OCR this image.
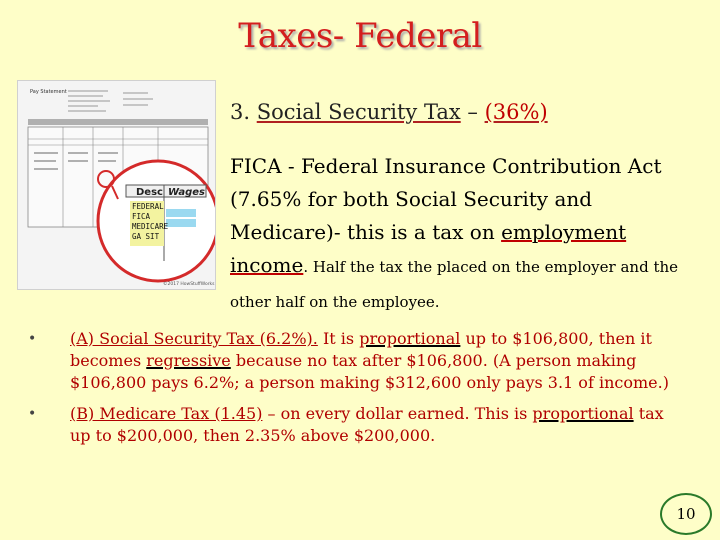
Taxes- Federal
Pay Statement
Desc Wages
FEDERAL
FICA
MEDICARE
GA SIT
©2017 HowStuffWorks
3. Social Security Tax – (36%)
FICA - Federal Insurance Contribution Act (7.65% for both Social Security and Medicare)- this is a tax on employment income. Half the tax the placed on the employer and the other half on the employee.
• (A) Social Security Tax (6.2%). It is proportional up to $106,800, then it becomes regressive because no tax after $106,800. (A person making $106,800 pays 6.2%; a person making $312,600 only pays 3.1 of income.)
• (B) Medicare Tax (1.45) – on every dollar earned. This is proportional tax up to $200,000, then 2.35% above $200,000.
10
